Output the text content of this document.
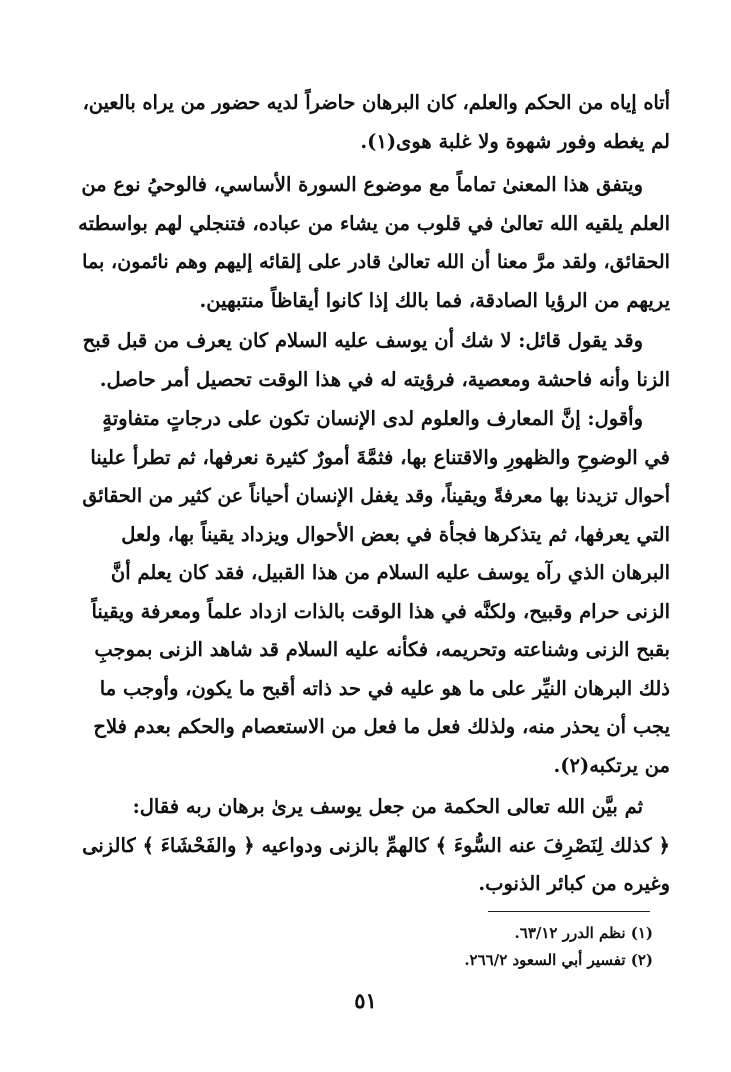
أتاه إياه من الحكم والعلم، كان البرهان حاضراً لديه حضور من يراه بالعين،
لم يغطه وفور شهوة ولا غلبة هوى(١).
ويتفق هذا المعنىٰ تماماً مع موضوع السورة الأساسي، فالوحيُ نوع من
العلم يلقيه الله تعالىٰ في قلوب من يشاء من عباده، فتنجلي لهم بواسطته
الحقائق، ولقد مرَّ معنا أن الله تعالىٰ قادر على إلقائه إليهم وهم نائمون، بما
يريهم من الرؤيا الصادقة، فما بالك إذا كانوا أيقاظاً منتبهين.
وقد يقول قائل: لا شك أن يوسف عليه السلام كان يعرف من قبل قبح
الزنا وأنه فاحشة ومعصية، فرؤيته له في هذا الوقت تحصيل أمر حاصل.
وأقول: إنَّ المعارف والعلوم لدى الإنسان تكون على درجاتٍ متفاوتةٍ
في الوضوحِ والظهورِ والاقتناع بها، فثمَّةَ أمورٌ كثيرة نعرفها، ثم تطرأ علينا
أحوال تزيدنا بها معرفةً ويقيناً، وقد يغفل الإنسان أحياناً عن كثير من الحقائق
التي يعرفها، ثم يتذكرها فجأة في بعض الأحوال ويزداد يقيناً بها، ولعل
البرهان الذي رآه يوسف عليه السلام من هذا القبيل، فقد كان يعلم أنَّ
الزنى حرام وقبيح، ولكنَّه في هذا الوقت بالذات ازداد علماً ومعرفة ويقيناً
بقبح الزنى وشناعته وتحريمه، فكأنه عليه السلام قد شاهد الزنى بموجبِ
ذلك البرهان النيِّر على ما هو عليه في حد ذاته أقبح ما يكون، وأوجب ما
يجب أن يحذر منه، ولذلك فعل ما فعل من الاستعصام والحكم بعدم فلاح
من يرتكبه(٢).
ثم بيَّن الله تعالى الحكمة من جعل يوسف يرىٰ برهان ربه فقال:
﴿ كذلك لِنَصْرِفَ عنه السُّوءَ ﴾ كالهمِّ بالزنى ودواعيه ﴿ والفَحْشَاءَ ﴾ كالزنى
وغيره من كبائر الذنوب.
(١) نظم الدرر ٦٣/١٢.
(٢) تفسير أبي السعود ٢٦٦/٢.
٥١
